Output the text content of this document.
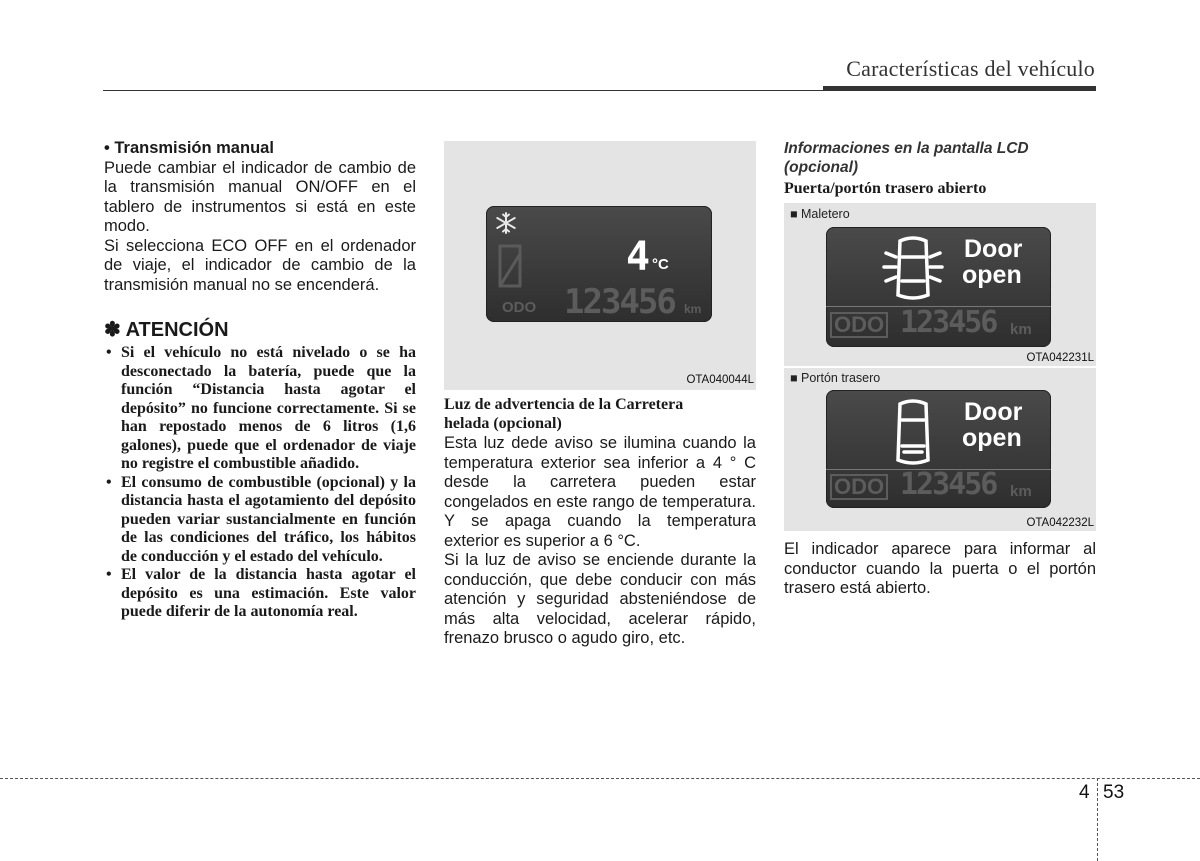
Características del vehículo
• Transmisión manual
Puede cambiar el indicador de cambio de la transmisión manual ON/OFF en el tablero de instrumentos si está en este modo.
Si selecciona ECO OFF en el ordenador de viaje, el indicador de cambio de la transmisión manual no se encenderá.
✽ ATENCIÓN
• Si el vehículo no está nivelado o se ha desconectado la batería, puede que la función “Distancia hasta agotar el depósito” no funcione correctamente. Si se han repostado menos de 6 litros (1,6 galones), puede que el ordenador de viaje no registre el combustible añadido.
• El consumo de combustible (opcional) y la distancia hasta el agotamiento del depósito pueden variar sustancialmente en función de las condiciones del tráfico, los hábitos de conducción y el estado del vehículo.
• El valor de la distancia hasta agotar el depósito es una estimación. Este valor puede diferir de la autonomía real.
4 °C
ODO 123456 km
OTA040044L
Luz de advertencia de la Carretera helada (opcional)
Esta luz dede aviso se ilumina cuando la temperatura exterior sea inferior a 4 ° C desde la carretera pueden estar congelados en este rango de temperatura. Y se apaga cuando la temperatura exterior es superior a 6 °C.
Si la luz de aviso se enciende durante la conducción, que debe conducir con más atención y seguridad absteniéndose de más alta velocidad, acelerar rápido, frenazo brusco o agudo giro, etc.
Informaciones en la pantalla LCD (opcional)
Puerta/portón trasero abierto
■ Maletero
Door
open
ODO 123456 km
OTA042231L
■ Portón trasero
Door
open
ODO 123456 km
OTA042232L
El indicador aparece para informar al conductor cuando la puerta o el portón trasero está abierto.
4 53
